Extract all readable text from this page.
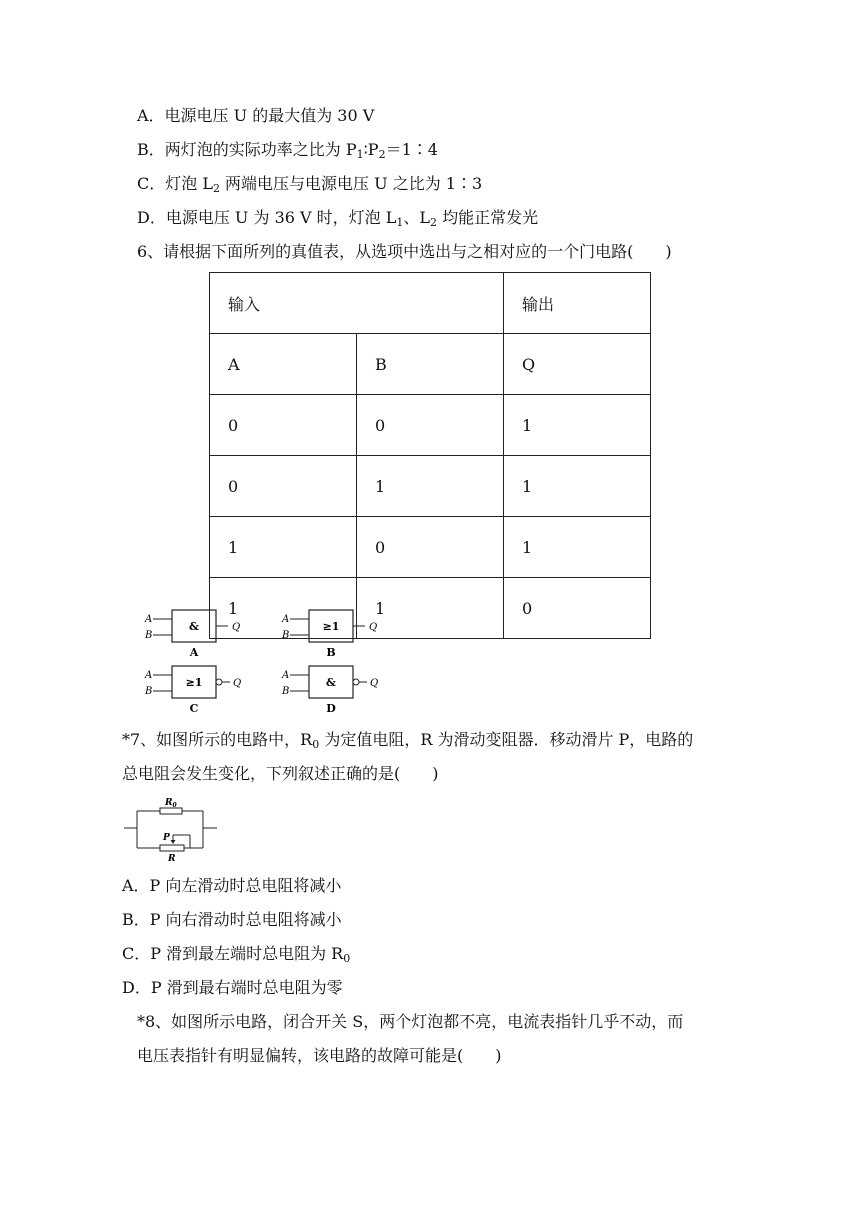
A．电源电压 U 的最大值为 30 V
B．两灯泡的实际功率之比为 $P_1∶P_2=1∶4$
C．灯泡 $L_2$ 两端电压与电源电压 U 之比为 1∶3
D．电源电压 U 为 36 V 时，灯泡 $L_1$、$L_2$ 均能正常发光
6、请根据下面所列的真值表，从选项中选出与之相对应的一个门电路(　　)
输入		输出
A	B	Q
0	0	1
0	1	1
1	0	1
1	1	0
A
B
&	Q
A
A
B
≥1	Q
B
A
B
≥1	Q
C
A
B
&	Q
D
*7、如图所示的电路中，$R_0$ 为定值电阻，R 为滑动变阻器．移动滑片 P，电路的
总电阻会发生变化，下列叙述正确的是(　　)
$R_0$
P
R
A．P 向左滑动时总电阻将减小
B．P 向右滑动时总电阻将减小
C．P 滑到最左端时总电阻为 $R_0$
D．P 滑到最右端时总电阻为零
*8、如图所示电路，闭合开关 S，两个灯泡都不亮，电流表指针几乎不动，而
电压表指针有明显偏转，该电路的故障可能是(　　)
